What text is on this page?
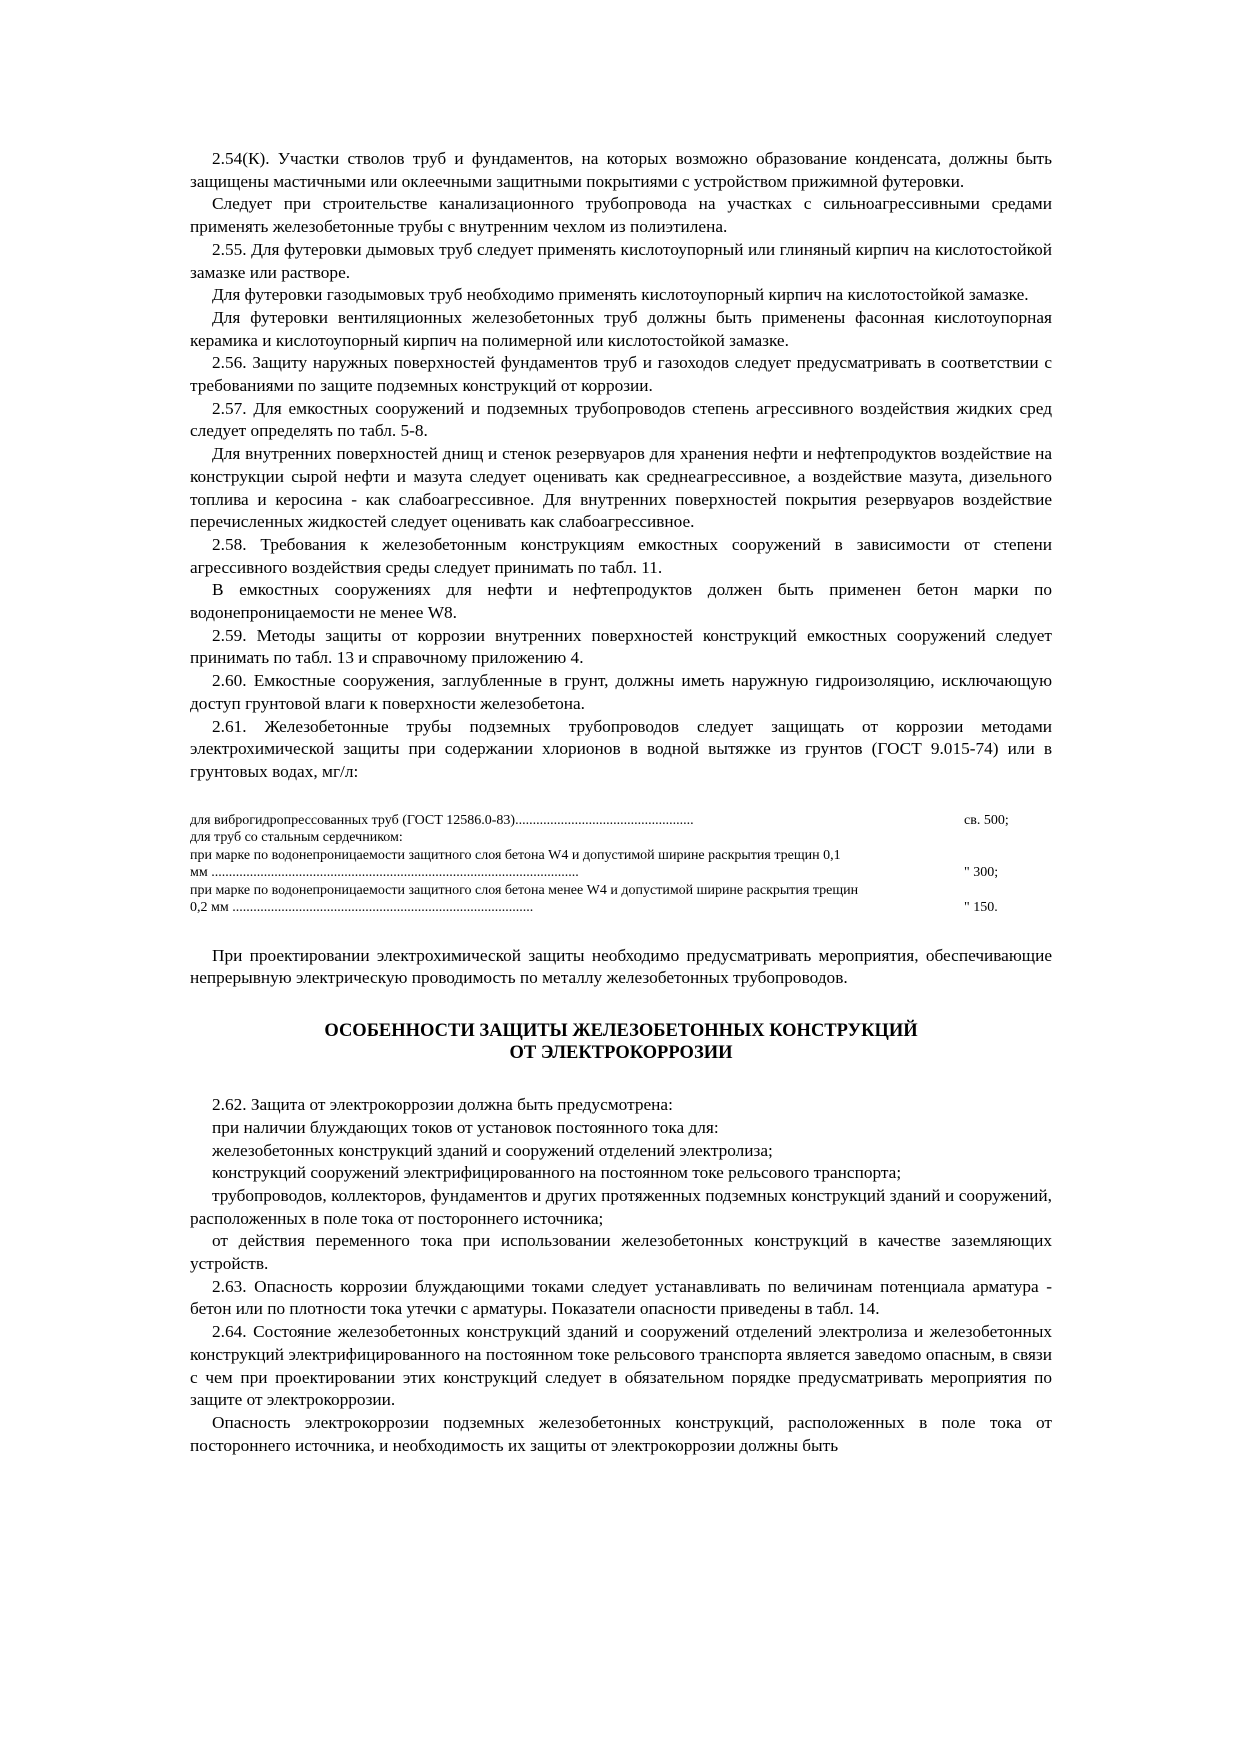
2.54(К). Участки стволов труб и фундаментов, на которых возможно образование конденсата, должны быть защищены мастичными или оклеечными защитными покрытиями с устройством прижимной футеровки.

Следует при строительстве канализационного трубопровода на участках с сильноагрессивными средами применять железобетонные трубы с внутренним чехлом из полиэтилена.

2.55. Для футеровки дымовых труб следует применять кислотоупорный или глиняный кирпич на кислотостойкой замазке или растворе.

Для футеровки газодымовых труб необходимо применять кислотоупорный кирпич на кислотостойкой замазке.

Для футеровки вентиляционных железобетонных труб должны быть применены фасонная кислотоупорная керамика и кислотоупорный кирпич на полимерной или кислотостойкой замазке.

2.56. Защиту наружных поверхностей фундаментов труб и газоходов следует предусматривать в соответствии с требованиями по защите подземных конструкций от коррозии.

2.57. Для емкостных сооружений и подземных трубопроводов степень агрессивного воздействия жидких сред следует определять по табл. 5-8.

Для внутренних поверхностей днищ и стенок резервуаров для хранения нефти и нефтепродуктов воздействие на конструкции сырой нефти и мазута следует оценивать как среднеагрессивное, а воздействие мазута, дизельного топлива и керосина - как слабоагрессивное. Для внутренних поверхностей покрытия резервуаров воздействие перечисленных жидкостей следует оценивать как слабоагрессивное.

2.58. Требования к железобетонным конструкциям емкостных сооружений в зависимости от степени агрессивного воздействия среды следует принимать по табл. 11.

В емкостных сооружениях для нефти и нефтепродуктов должен быть применен бетон марки по водонепроницаемости не менее W8.

2.59. Методы защиты от коррозии внутренних поверхностей конструкций емкостных сооружений следует принимать по табл. 13 и справочному приложению 4.

2.60. Емкостные сооружения, заглубленные в грунт, должны иметь наружную гидроизоляцию, исключающую доступ грунтовой влаги к поверхности железобетона.

2.61. Железобетонные трубы подземных трубопроводов следует защищать от коррозии методами электрохимической защиты при содержании хлорионов в водной вытяжке из грунтов (ГОСТ 9.015-74) или в грунтовых водах, мг/л:

для виброгидропрессованных труб (ГОСТ 12586.0-83)...................................................	св. 500;
для труб со стальным сердечником:
при марке по водонепроницаемости защитного слоя бетона W4 и допустимой ширине раскрытия трещин 0,1
мм .........................................................................................................	" 300;
при марке по водонепроницаемости защитного слоя бетона менее W4 и допустимой ширине раскрытия трещин
0,2 мм ......................................................................................	" 150.

При проектировании электрохимической защиты необходимо предусматривать мероприятия, обеспечивающие непрерывную электрическую проводимость по металлу железобетонных трубопроводов.

ОСОБЕННОСТИ ЗАЩИТЫ ЖЕЛЕЗОБЕТОННЫХ КОНСТРУКЦИЙ
ОТ ЭЛЕКТРОКОРРОЗИИ

2.62. Защита от электрокоррозии должна быть предусмотрена:

при наличии блуждающих токов от установок постоянного тока для:

железобетонных конструкций зданий и сооружений отделений электролиза;

конструкций сооружений электрифицированного на постоянном токе рельсового транспорта;

трубопроводов, коллекторов, фундаментов и других протяженных подземных конструкций зданий и сооружений, расположенных в поле тока от постороннего источника;

от действия переменного тока при использовании железобетонных конструкций в качестве заземляющих устройств.

2.63. Опасность коррозии блуждающими токами следует устанавливать по величинам потенциала арматура - бетон или по плотности тока утечки с арматуры. Показатели опасности приведены в табл. 14.

2.64. Состояние железобетонных конструкций зданий и сооружений отделений электролиза и железобетонных конструкций электрифицированного на постоянном токе рельсового транспорта является заведомо опасным, в связи с чем при проектировании этих конструкций следует в обязательном порядке предусматривать мероприятия по защите от электрокоррозии.

Опасность электрокоррозии подземных железобетонных конструкций, расположенных в поле тока от постороннего источника, и необходимость их защиты от электрокоррозии должны быть
